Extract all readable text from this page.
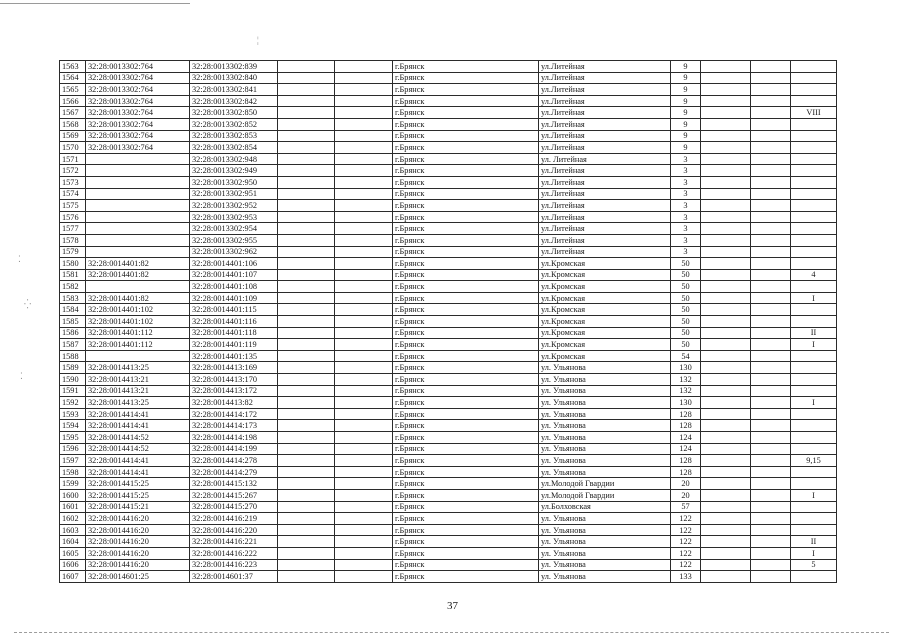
¦
⁚
⁛
⁚
1563	32:28:0013302:764	32:28:0013302:839			г.Брянск	ул.Литейная	9			
1564	32:28:0013302:764	32:28:0013302:840			г.Брянск	ул.Литейная	9			
1565	32:28:0013302:764	32:28:0013302:841			г.Брянск	ул.Литейная	9			
1566	32:28:0013302:764	32:28:0013302:842			г.Брянск	ул.Литейная	9			
1567	32:28:0013302:764	32:28:0013302:850			г.Брянск	ул.Литейная	9			VIII
1568	32:28:0013302:764	32:28:0013302:852			г.Брянск	ул.Литейная	9			
1569	32:28:0013302:764	32:28:0013302:853			г.Брянск	ул.Литейная	9			
1570	32:28:0013302:764	32:28:0013302:854			г.Брянск	ул.Литейная	9			
1571		32:28:0013302:948			г.Брянск	ул. Литейная	3			
1572		32:28:0013302:949			г.Брянск	ул.Литейная	3			
1573		32:28:0013302:950			г.Брянск	ул.Литейная	3			
1574		32:28:0013302:951			г.Брянск	ул.Литейная	3			
1575		32:28:0013302:952			г.Брянск	ул.Литейная	3			
1576		32:28:0013302:953			г.Брянск	ул.Литейная	3			
1577		32:28:0013302:954			г.Брянск	ул.Литейная	3			
1578		32:28:0013302:955			г.Брянск	ул.Литейная	3			
1579		32:28:0013302:962			г.Брянск	ул.Литейная	3			
1580	32:28:0014401:82	32:28:0014401:106			г.Брянск	ул.Кромская	50			
1581	32:28:0014401:82	32:28:0014401:107			г.Брянск	ул.Кромская	50			4
1582		32:28:0014401:108			г.Брянск	ул.Кромская	50			
1583	32:28:0014401:82	32:28:0014401:109			г.Брянск	ул.Кромская	50			I
1584	32:28:0014401:102	32:28:0014401:115			г.Брянск	ул.Кромская	50			
1585	32:28:0014401:102	32:28:0014401:116			г.Брянск	ул.Кромская	50			
1586	32:28:0014401:112	32:28:0014401:118			г.Брянск	ул.Кромская	50			II
1587	32:28:0014401:112	32:28:0014401:119			г.Брянск	ул.Кромская	50			I
1588		32:28:0014401:135			г.Брянск	ул.Кромская	54			
1589	32:28:0014413:25	32:28:0014413:169			г.Брянск	ул. Ульянова	130			
1590	32:28:0014413:21	32:28:0014413:170			г.Брянск	ул. Ульянова	132			
1591	32:28:0014413:21	32:28:0014413:172			г.Брянск	ул. Ульянова	132			
1592	32:28:0014413:25	32:28:0014413:82			г.Брянск	ул. Ульянова	130			I
1593	32:28:0014414:41	32:28:0014414:172			г.Брянск	ул. Ульянова	128			
1594	32:28:0014414:41	32:28:0014414:173			г.Брянск	ул. Ульянова	128			
1595	32:28:0014414:52	32:28:0014414:198			г.Брянск	ул. Ульянова	124			
1596	32:28:0014414:52	32:28:0014414:199			г.Брянск	ул. Ульянова	124			
1597	32:28:0014414:41	32:28:0014414:278			г.Брянск	ул. Ульянова	128			9,15
1598	32:28:0014414:41	32:28:0014414:279			г.Брянск	ул. Ульянова	128			
1599	32:28:0014415:25	32:28:0014415:132			г.Брянск	ул.Молодой Гвардии	20			
1600	32:28:0014415:25	32:28:0014415:267			г.Брянск	ул.Молодой Гвардии	20			I
1601	32:28:0014415:21	32:28:0014415:270			г.Брянск	ул.Болховская	57			
1602	32:28:0014416:20	32:28:0014416:219			г.Брянск	ул. Ульянова	122			
1603	32:28:0014416:20	32:28:0014416:220			г.Брянск	ул. Ульянова	122			
1604	32:28:0014416:20	32:28:0014416:221			г.Брянск	ул. Ульянова	122			II
1605	32:28:0014416:20	32:28:0014416:222			г.Брянск	ул. Ульянова	122			I
1606	32:28:0014416:20	32:28:0014416:223			г.Брянск	ул. Ульянова	122			5
1607	32:28:0014601:25	32:28:0014601:37			г.Брянск	ул. Ульянова	133			
37
